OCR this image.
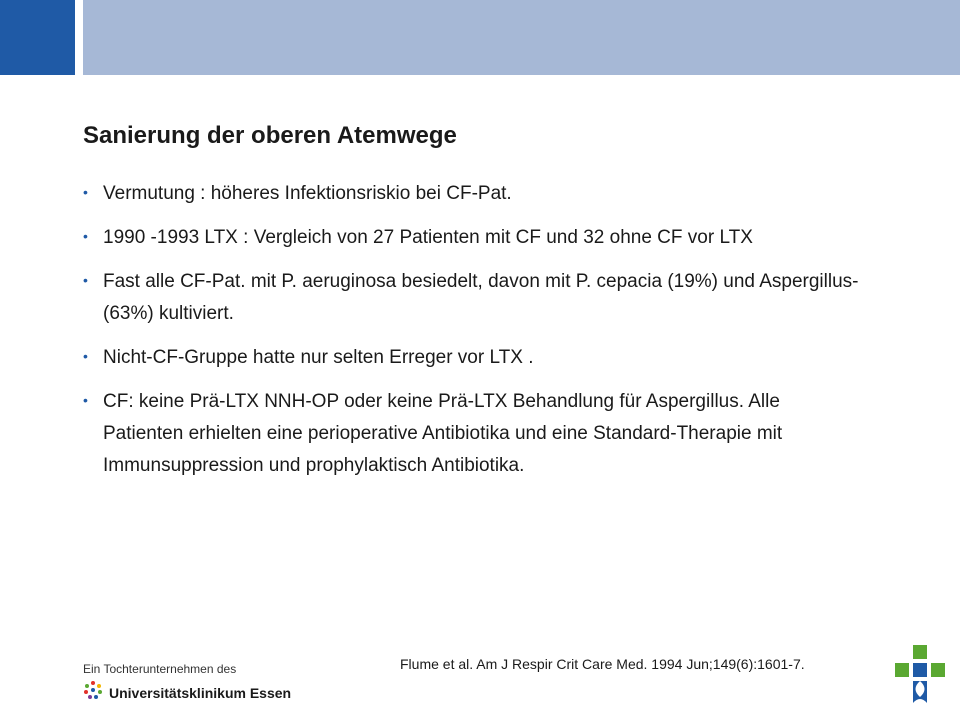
Sanierung der oberen Atemwege
• Vermutung : höheres Infektionsriskio bei CF-Pat.
• 1990 -1993 LTX : Vergleich von 27 Patienten mit CF und 32 ohne CF vor LTX
• Fast alle CF-Pat. mit P. aeruginosa besiedelt, davon mit P. cepacia (19%) und Aspergillus-(63%) kultiviert.
• Nicht-CF-Gruppe hatte nur selten Erreger vor LTX .
• CF: keine Prä-LTX NNH-OP oder keine Prä-LTX Behandlung für Aspergillus. Alle Patienten erhielten eine perioperative Antibiotika und eine Standard-Therapie mit Immunsuppression und prophylaktisch Antibiotika.
Flume et al. Am J Respir Crit Care Med. 1994 Jun;149(6):1601-7.
Ein Tochterunternehmen des
Universitätsklinikum Essen
